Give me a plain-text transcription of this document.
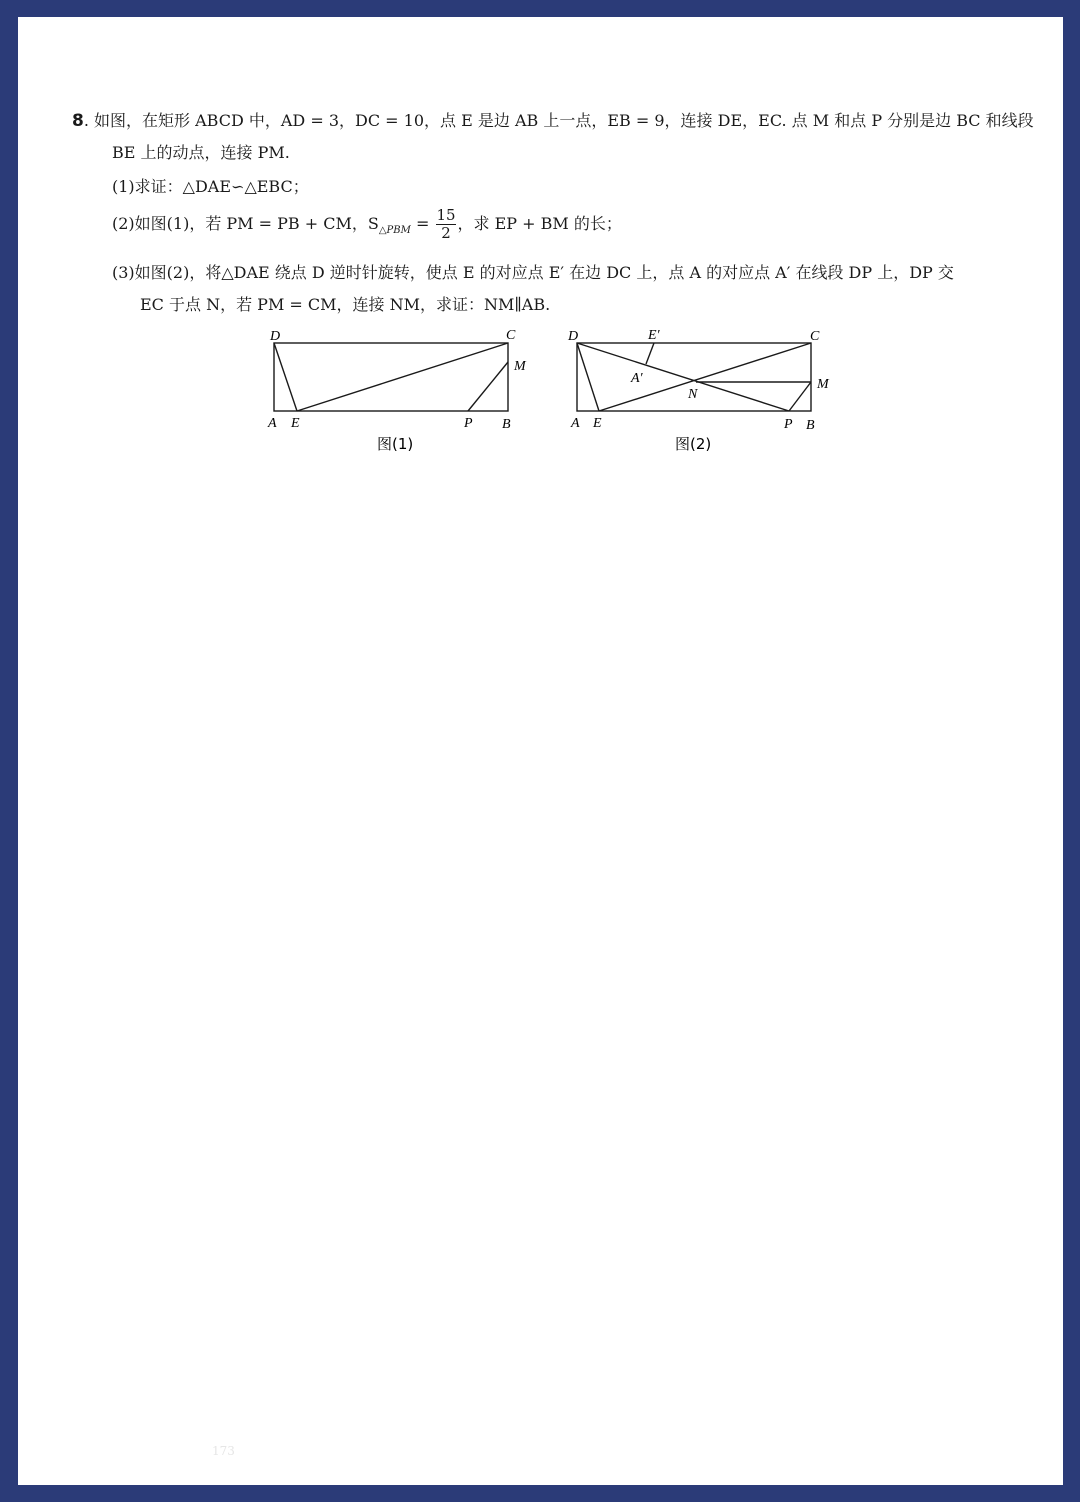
8. 如图，在矩形 ABCD 中，AD = 3，DC = 10，点 E 是边 AB 上一点，EB = 9，连接 DE，EC. 点 M 和点 P 分别是边 BC 和线段
BE 上的动点，连接 PM.
(1)求证：△DAE∽△EBC；
(2)如图(1)，若 PM = PB + CM，$S_{\triangle PBM} = \frac{15}{2}$ ，求 EP + BM 的长；
(3)如图(2)，将△DAE 绕点 D 逆时针旋转，使点 E 的对应点 E′ 在边 DC 上，点 A 的对应点 A′ 在线段 DP 上，DP 交
EC 于点 N，若 PM = CM，连接 NM，求证：NM∥AB.
D	C
M
A E	P B
图(1)
D	E′	C
A′
N
M
A E	P B
图(2)
173
